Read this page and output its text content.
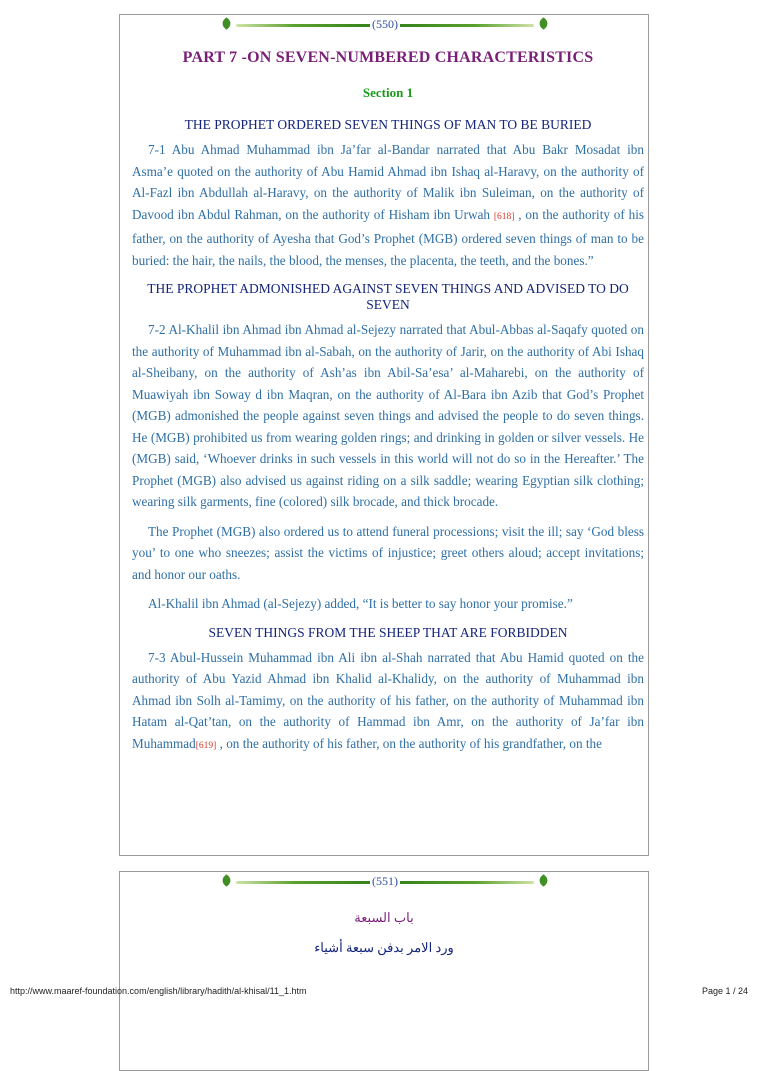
(550)
PART 7 -ON SEVEN-NUMBERED CHARACTERISTICS
Section 1
THE PROPHET ORDERED SEVEN THINGS OF MAN TO BE BURIED

7-1 Abu Ahmad Muhammad ibn Ja’far al-Bandar narrated that Abu Bakr Mosadat ibn Asma’e quoted on the authority of Abu Hamid Ahmad ibn Ishaq al-Haravy, on the authority of Al-Fazl ibn Abdullah al-Haravy, on the authority of Malik ibn Suleiman, on the authority of Davood ibn Abdul Rahman, on the authority of Hisham ibn Urwah [618] , on the authority of his father, on the authority of Ayesha that God’s Prophet (MGB) ordered seven things of man to be buried: the hair, the nails, the blood, the menses, the placenta, the teeth, and the bones.”

THE PROPHET ADMONISHED AGAINST SEVEN THINGS AND ADVISED TO DO SEVEN

7-2 Al-Khalil ibn Ahmad ibn Ahmad al-Sejezy narrated that Abul-Abbas al-Saqafy quoted on the authority of Muhammad ibn al-Sabah, on the authority of Jarir, on the authority of Abi Ishaq al-Sheibany, on the authority of Ash’as ibn Abil-Sa’esa’ al-Maharebi, on the authority of Muawiyah ibn Soway d ibn Maqran, on the authority of Al-Bara ibn Azib that God’s Prophet (MGB) admonished the people against seven things and advised the people to do seven things. He (MGB) prohibited us from wearing golden rings; and drinking in golden or silver vessels. He (MGB) said, ‘Whoever drinks in such vessels in this world will not do so in the Hereafter.’ The Prophet (MGB) also advised us against riding on a silk saddle; wearing Egyptian silk clothing; wearing silk garments, fine (colored) silk brocade, and thick brocade.

The Prophet (MGB) also ordered us to attend funeral processions; visit the ill; say ‘God bless you’ to one who sneezes; assist the victims of injustice; greet others aloud; accept invitations; and honor our oaths.

Al-Khalil ibn Ahmad (al-Sejezy) added, “It is better to say honor your promise.”

SEVEN THINGS FROM THE SHEEP THAT ARE FORBIDDEN

7-3 Abul-Hussein Muhammad ibn Ali ibn al-Shah narrated that Abu Hamid quoted on the authority of Abu Yazid Ahmad ibn Khalid al-Khalidy, on the authority of Muhammad ibn Ahmad ibn Solh al-Tamimy, on the authority of his father, on the authority of Muhammad ibn Hatam al-Qat’tan, on the authority of Hammad ibn Amr, on the authority of Ja’far ibn Muhammad[619] , on the authority of his father, on the authority of his grandfather, on the

(551)
باب السبعة
ورد الامر بدفن سبعة أشياء
http://www.maaref-foundation.com/english/library/hadith/al-khisal/11_1.htm	Page 1 / 24
